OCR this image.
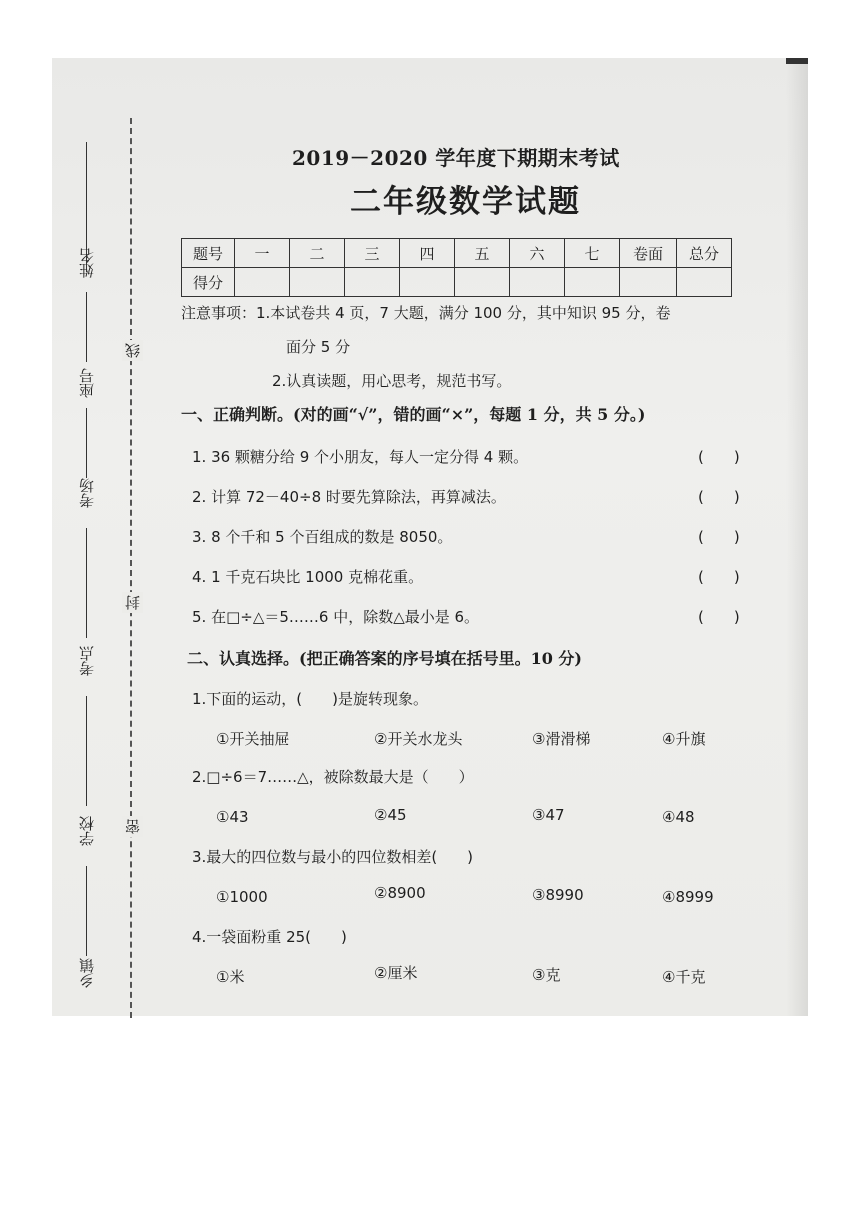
姓名
座号
考场
考点
学校
乡镇
线
封
密
2019－2020 学年度下期期末考试
二年级数学试题
题号	一	二	三	四	五	六	七	卷面	总分
得分									
注意事项：1.本试卷共 4 页，7 大题，满分 100 分，其中知识 95 分，卷
面分 5 分
2.认真读题，用心思考，规范书写。
一、正确判断。(对的画“√”，错的画“×”，每题 1 分，共 5 分。)
1. 36 颗糖分给 9 个小朋友，每人一定分得 4 颗。	(　　)
2. 计算 72－40÷8 时要先算除法，再算减法。	(　　)
3. 8 个千和 5 个百组成的数是 8050。	(　　)
4. 1 千克石块比 1000 克棉花重。	(　　)
5. 在□÷△＝5……6 中，除数△最小是 6。	(　　)
二、认真选择。(把正确答案的序号填在括号里。10 分)
1.下面的运动，(　　)是旋转现象。
①开关抽屉	②开关水龙头	③滑滑梯	④升旗
2.□÷6＝7……△，被除数最大是（　　）
①43	②45	③47	④48
3.最大的四位数与最小的四位数相差(　　)
①1000	②8900	③8990	④8999
4.一袋面粉重 25(　　)
①米	②厘米	③克	④千克
